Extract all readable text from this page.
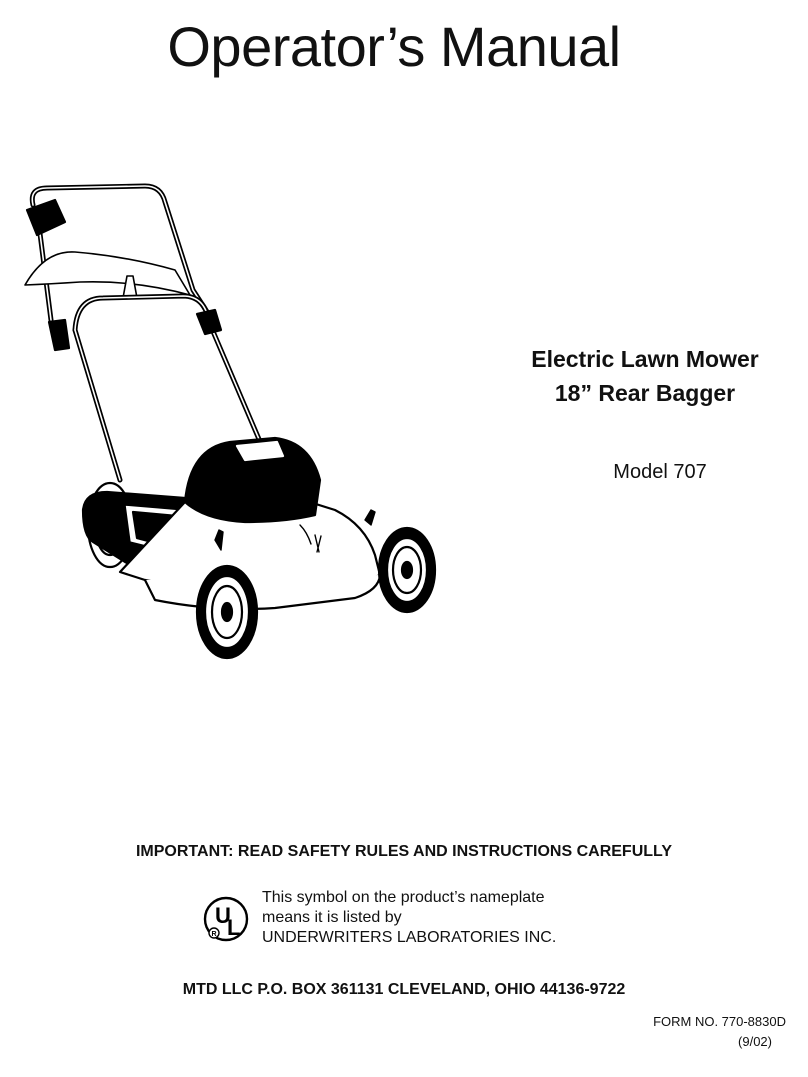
Operator’s Manual
Electric Lawn Mower
18” Rear Bagger
Model 707
IMPORTANT: READ SAFETY RULES AND INSTRUCTIONS CAREFULLY
U
L
R
This symbol on the product’s nameplate
means it is listed by
UNDERWRITERS LABORATORIES INC.
MTD LLC P.O. BOX 361131 CLEVELAND, OHIO 44136-9722
FORM NO. 770-8830D
(9/02)
